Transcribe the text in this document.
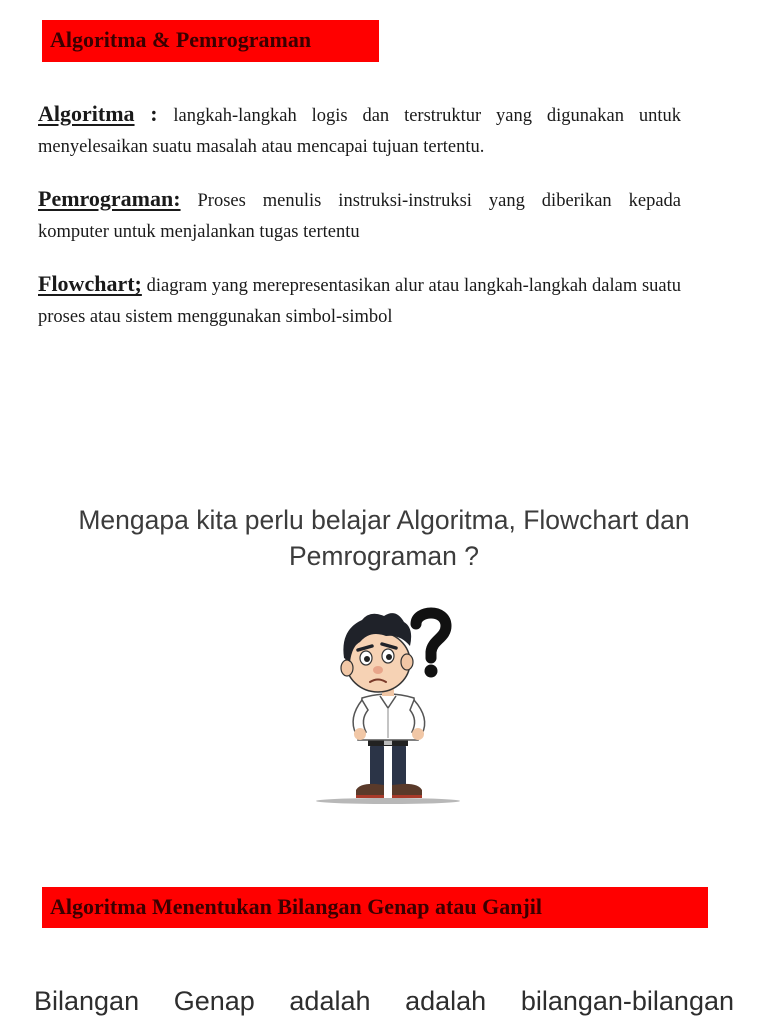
Algoritma & Pemrograman
Algoritma : langkah-langkah logis dan terstruktur yang digunakan untuk menyelesaikan suatu masalah atau mencapai tujuan tertentu.
Pemrograman: Proses menulis instruksi-instruksi yang diberikan kepada komputer untuk menjalankan tugas tertentu
Flowchart; diagram yang merepresentasikan alur atau langkah-langkah dalam suatu proses atau sistem menggunakan simbol-simbol
Mengapa kita perlu belajar Algoritma, Flowchart dan Pemrograman ?
Algoritma Menentukan Bilangan Genap atau Ganjil
Bilangan Genap adalah adalah bilangan-bilangan
